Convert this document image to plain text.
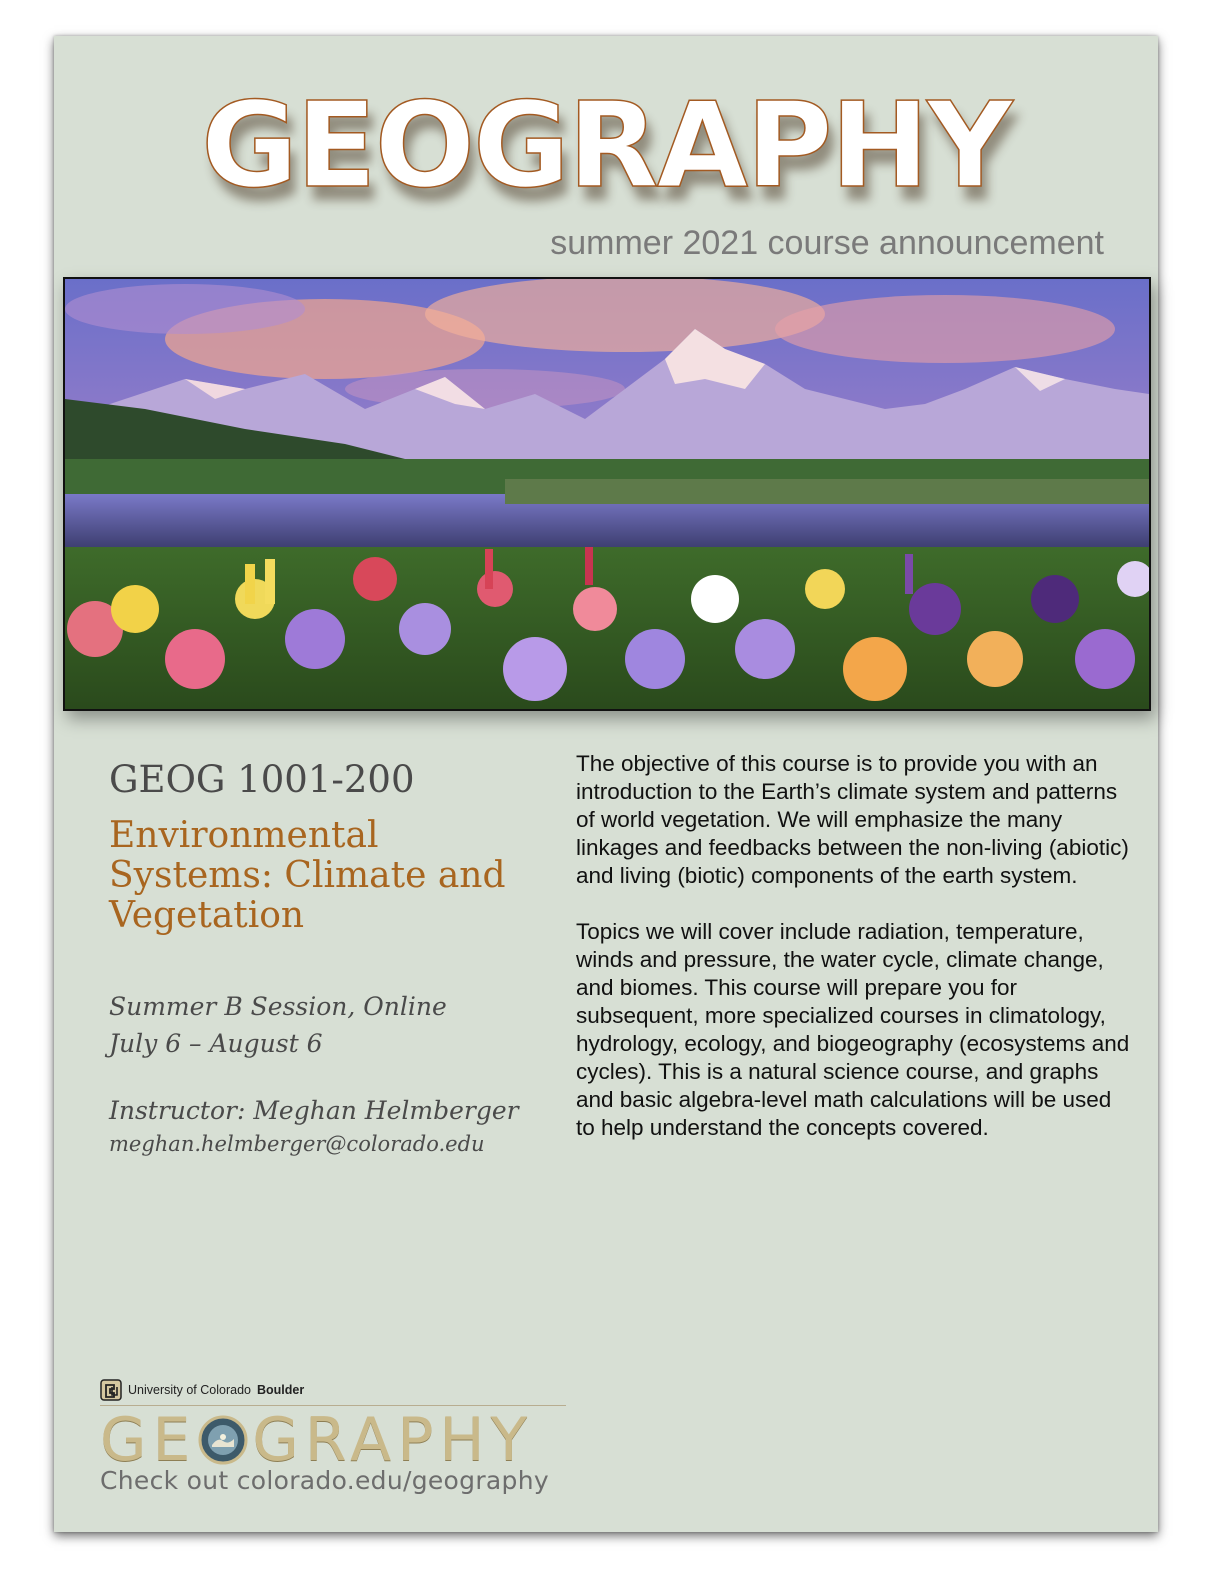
GEOGRAPHY
summer 2021 course announcement
GEOG 1001-200
Environmental
Systems: Climate and
Vegetation
Summer B Session, Online
July 6 – August 6
Instructor: Meghan Helmberger
meghan.helmberger@colorado.edu

The objective of this course is to provide you with an introduction to the Earth’s climate system and patterns of world vegetation. We will emphasize the many linkages and feedbacks between the non-living (abiotic) and living (biotic) components of the earth system.

Topics we will cover include radiation, temperature, winds and pressure, the water cycle, climate change, and biomes. This course will prepare you for subsequent, more specialized courses in climatology, hydrology, ecology, and biogeography (ecosystems and cycles). This is a natural science course, and graphs and basic algebra-level math calculations will be used to help understand the concepts covered.

University of Colorado Boulder
GE GRAPHY
Check out colorado.edu/geography
